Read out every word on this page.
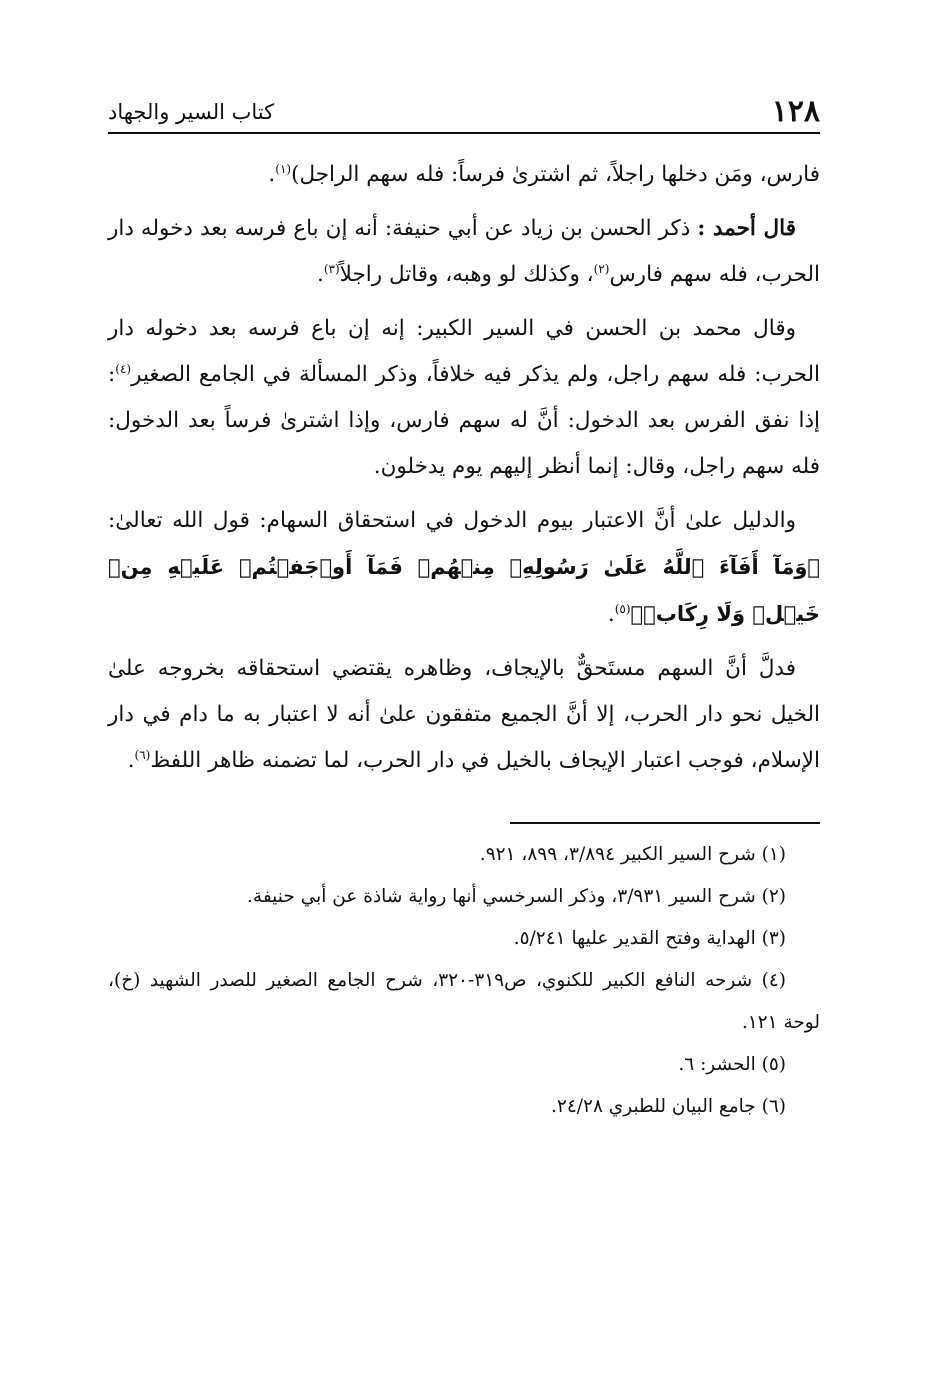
١٢٨
كتاب السير والجهاد

فارس، ومَن دخلها راجلاً، ثم اشترىٰ فرساً: فله سهم الراجل)$^{(١)}$.

قال أحمد : ذكر الحسن بن زياد عن أبي حنيفة: أنه إن باع فرسه بعد دخوله دار الحرب، فله سهم فارس$^{(٢)}$، وكذلك لو وهبه، وقاتل راجلاً$^{(٣)}$.

وقال محمد بن الحسن في السير الكبير: إنه إن باع فرسه بعد دخوله دار الحرب: فله سهم راجل، ولم يذكر فيه خلافاً، وذكر المسألة في الجامع الصغير$^{(٤)}$: إذا نفق الفرس بعد الدخول: أنَّ له سهم فارس، وإذا اشترىٰ فرساً بعد الدخول: فله سهم راجل، وقال: إنما أنظر إليهم يوم يدخلون.

والدليل علىٰ أنَّ الاعتبار بيوم الدخول في استحقاق السهام: قول الله تعالىٰ: ﴿وَمَآ أَفَآءَ ٱللَّهُ عَلَىٰ رَسُولِهِۦ مِنۡهُمۡ فَمَآ أَوۡجَفۡتُمۡ عَلَيۡهِ مِنۡ خَيۡلٖ وَلَا رِكَابٖ﴾$^{(٥)}$.

فدلَّ أنَّ السهم مستَحقٌّ بالإيجاف، وظاهره يقتضي استحقاقه بخروجه علىٰ الخيل نحو دار الحرب، إلا أنَّ الجميع متفقون علىٰ أنه لا اعتبار به ما دام في دار الإسلام، فوجب اعتبار الإيجاف بالخيل في دار الحرب، لما تضمنه ظاهر اللفظ$^{(٦)}$.

(١) شرح السير الكبير ٣/٨٩٤، ٨٩٩، ٩٢١.

(٢) شرح السير ٣/٩٣١، وذكر السرخسي أنها رواية شاذة عن أبي حنيفة.

(٣) الهداية وفتح القدير عليها ٥/٢٤١.

(٤) شرحه النافع الكبير للكنوي، ص٣١٩-٣٢٠، شرح الجامع الصغير للصدر الشهيد (خ)، لوحة ١٢١.

(٥) الحشر: ٦.

(٦) جامع البيان للطبري ٢٤/٢٨.
